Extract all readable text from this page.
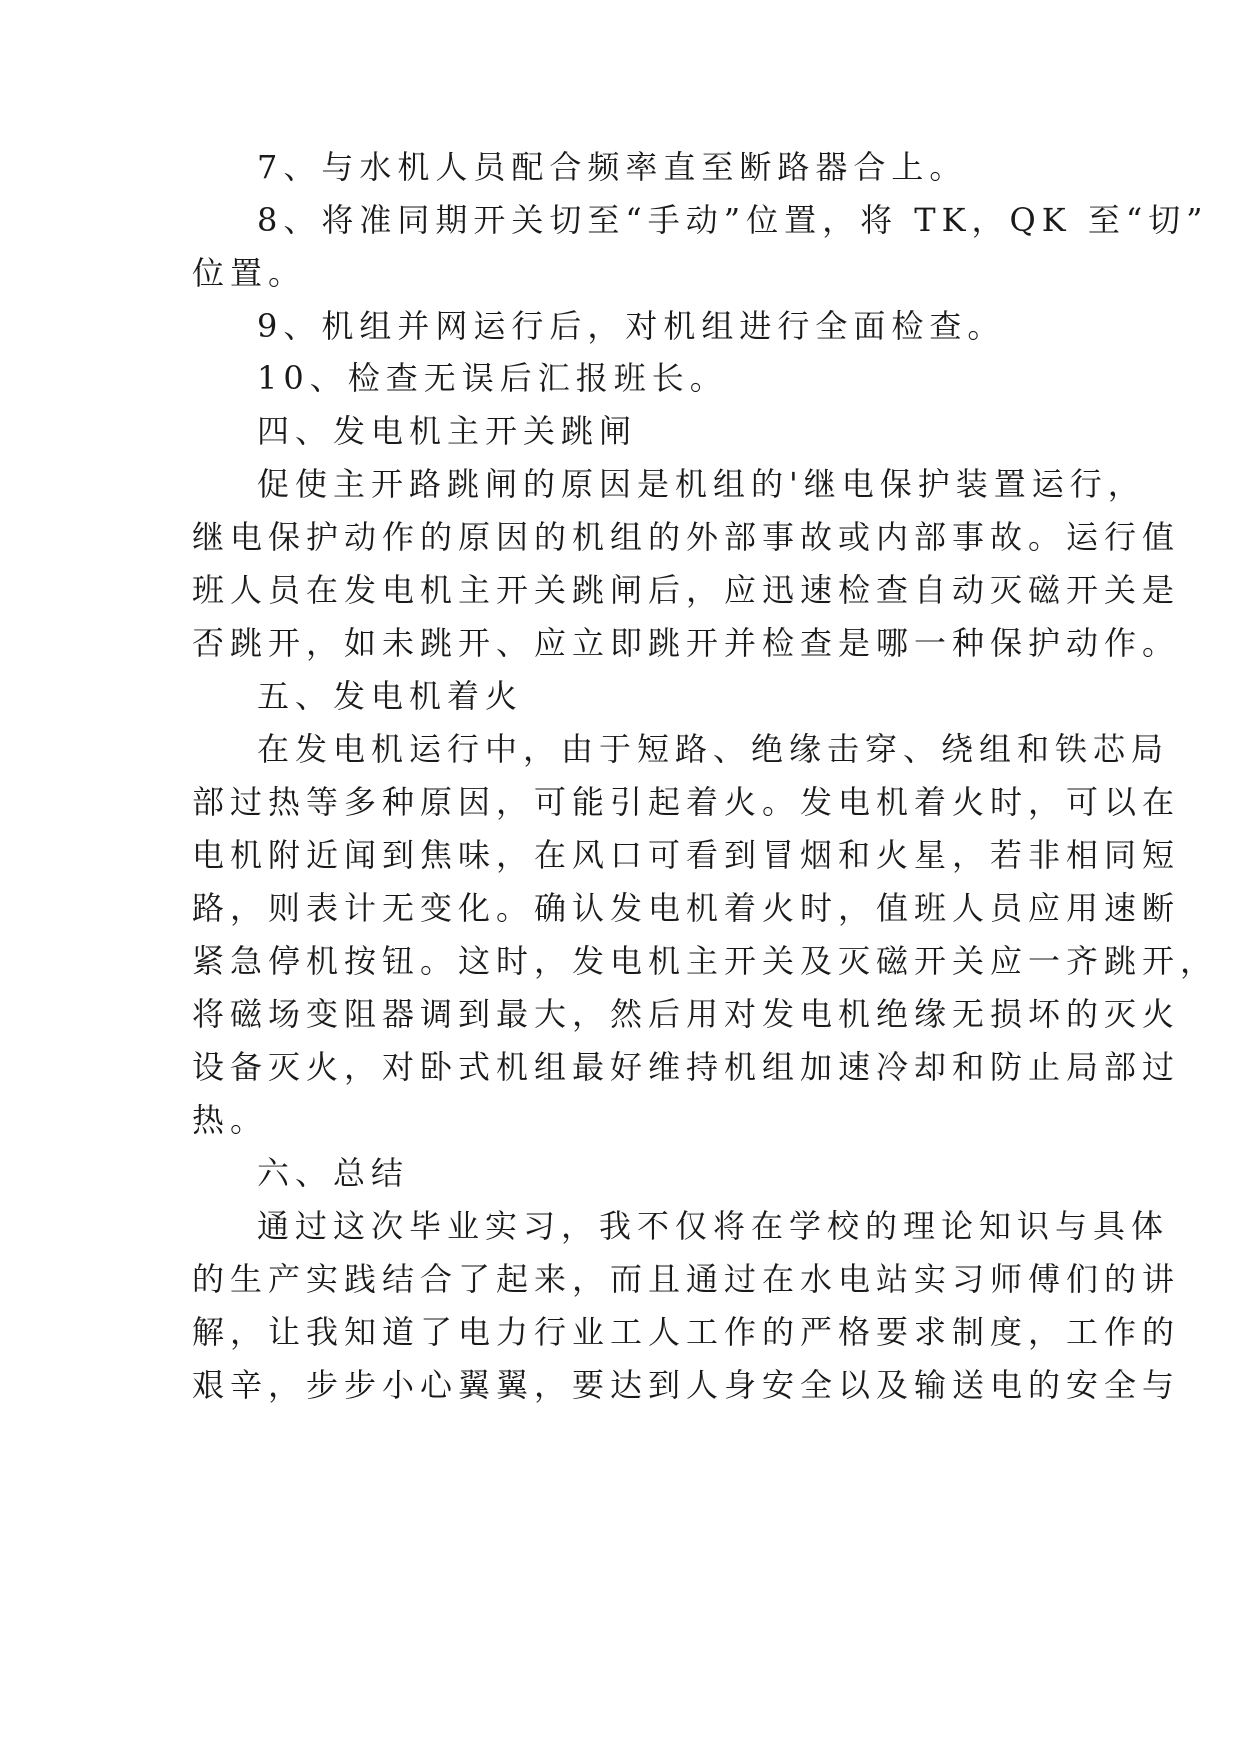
7、与水机人员配合频率直至断路器合上。
8、将准同期开关切至“手动”位置，将 TK，QK 至“切”
位置。
9、机组并网运行后，对机组进行全面检查。
10、检查无误后汇报班长。
四、发电机主开关跳闸
促使主开路跳闸的原因是机组的'继电保护装置运行，
继电保护动作的原因的机组的外部事故或内部事故。运行值
班人员在发电机主开关跳闸后，应迅速检查自动灭磁开关是
否跳开，如未跳开、应立即跳开并检查是哪一种保护动作。
五、发电机着火
在发电机运行中，由于短路、绝缘击穿、绕组和铁芯局
部过热等多种原因，可能引起着火。发电机着火时，可以在
电机附近闻到焦味，在风口可看到冒烟和火星，若非相同短
路，则表计无变化。确认发电机着火时，值班人员应用速断
紧急停机按钮。这时，发电机主开关及灭磁开关应一齐跳开，
将磁场变阻器调到最大，然后用对发电机绝缘无损坏的灭火
设备灭火，对卧式机组最好维持机组加速冷却和防止局部过
热。
六、总结
通过这次毕业实习，我不仅将在学校的理论知识与具体
的生产实践结合了起来，而且通过在水电站实习师傅们的讲
解，让我知道了电力行业工人工作的严格要求制度，工作的
艰辛，步步小心翼翼，要达到人身安全以及输送电的安全与
